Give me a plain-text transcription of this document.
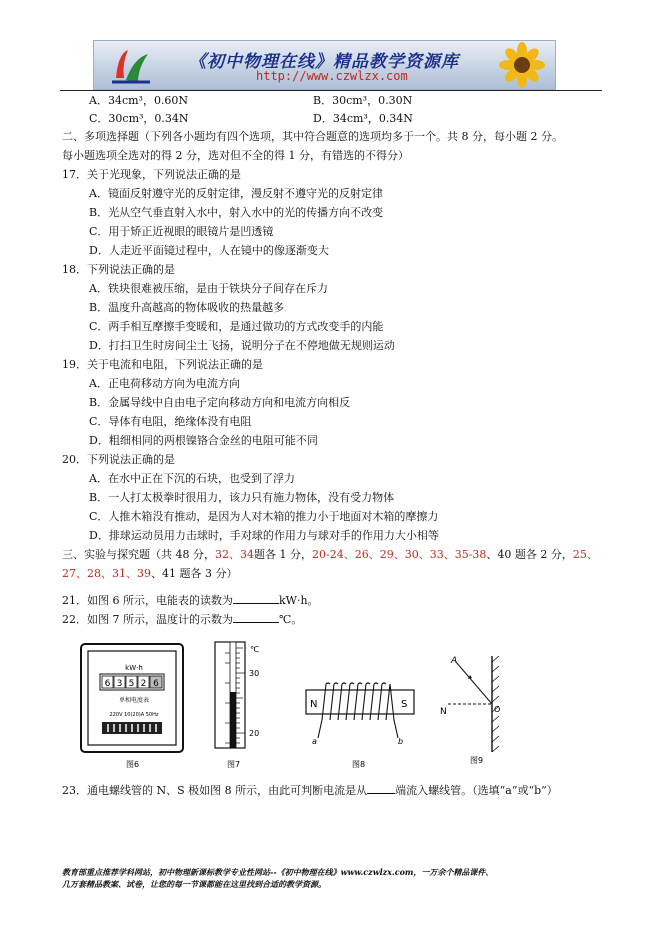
《初中物理在线》精品教学资源库
http://www.czwlzx.com
A．34cm³，0.60N	B．30cm³，0.30N
C．30cm³，0.34N	D．34cm³，0.34N
二、多项选择题（下列各小题均有四个选项，其中符合题意的选项均多于一个。共 8 分，每小题 2 分。
每小题选项全选对的得 2 分，选对但不全的得 1 分，有错选的不得分）
17．关于光现象，下列说法正确的是
A．镜面反射遵守光的反射定律，漫反射不遵守光的反射定律
B．光从空气垂直射入水中，射入水中的光的传播方向不改变
C．用于矫正近视眼的眼镜片是凹透镜
D．人走近平面镜过程中，人在镜中的像逐渐变大
18．下列说法正确的是
A．铁块很难被压缩，是由于铁块分子间存在斥力
B．温度升高越高的物体吸收的热量越多
C．两手相互摩擦手变暖和，是通过做功的方式改变手的内能
D．打扫卫生时房间尘土飞扬，说明分子在不停地做无规则运动
19．关于电流和电阻，下列说法正确的是
A．正电荷移动方向为电流方向
B．金属导线中自由电子定向移动方向和电流方向相反
C．导体有电阻，绝缘体没有电阻
D．粗细相同的两根镍铬合金丝的电阻可能不同
20．下列说法正确的是
A．在水中正在下沉的石块，也受到了浮力
B．一人打太极拳时很用力，该力只有施力物体，没有受力物体
C．人推木箱没有推动，是因为人对木箱的推力小于地面对木箱的摩擦力
D．排球运动员用力击球时，手对球的作用力与球对手的作用力大小相等
三、实验与探究题（共 48 分，32、34题各 1 分，20-24、26、29、30、33、35-38、40 题各 2 分，25、
27、28、31、39、41 题各 3 分）
21．如图 6 所示，电能表的读数为	kW·h。
22．如图 7 所示，温度计的示数为	℃。
kW·h
6 3 5 2 6
单相电度表
220V 10(20)A 50Hz
图6
℃
30
20
图7
N	S
a	b
图8
A
N	O
图9
23．通电螺线管的 N、S 极如图 8 所示，由此可判断电流是从	端流入螺线管。（选填“a”或“b”）
教育部重点推荐学科网站，初中物理新课标教学专业性网站--《初中物理在线》www.czwlzx.com，一万余个精品课件、
几万套精品教案、试卷，让您的每一节课都能在这里找到合适的教学资源。
